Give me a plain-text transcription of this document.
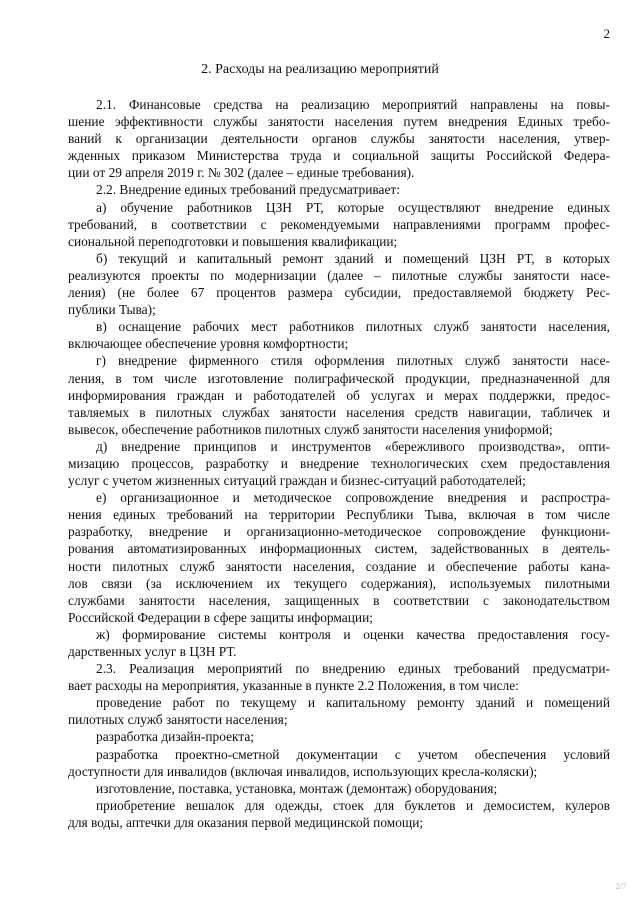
2
2. Расходы на реализацию мероприятий
2.1. Финансовые средства на реализацию мероприятий направлены на повы-
шение эффективности службы занятости населения путем внедрения Единых требо-
ваний к организации деятельности органов службы занятости населения, утвер-
жденных приказом Министерства труда и социальной защиты Российской Федера-
ции от 29 апреля 2019 г. № 302 (далее – единые требования).
2.2. Внедрение единых требований предусматривает:
а) обучение работников ЦЗН РТ, которые осуществляют внедрение единых
требований, в соответствии с рекомендуемыми направлениями программ профес-
сиональной переподготовки и повышения квалификации;
б) текущий и капитальный ремонт зданий и помещений ЦЗН РТ, в которых
реализуются проекты по модернизации (далее – пилотные службы занятости насе-
ления) (не более 67 процентов размера субсидии, предоставляемой бюджету Рес-
публики Тыва);
в) оснащение рабочих мест работников пилотных служб занятости населения,
включающее обеспечение уровня комфортности;
г) внедрение фирменного стиля оформления пилотных служб занятости насе-
ления, в том числе изготовление полиграфической продукции, предназначенной для
информирования граждан и работодателей об услугах и мерах поддержки, предос-
тавляемых в пилотных службах занятости населения средств навигации, табличек и
вывесок, обеспечение работников пилотных служб занятости населения униформой;
д) внедрение принципов и инструментов «бережливого производства», опти-
мизацию процессов, разработку и внедрение технологических схем предоставления
услуг с учетом жизненных ситуаций граждан и бизнес-ситуаций работодателей;
е) организационное и методическое сопровождение внедрения и распростра-
нения единых требований на территории Республики Тыва, включая в том числе
разработку, внедрение и организационно-методическое сопровождение функциони-
рования автоматизированных информационных систем, задействованных в деятель-
ности пилотных служб занятости населения, создание и обеспечение работы кана-
лов связи (за исключением их текущего содержания), используемых пилотными
службами занятости населения, защищенных в соответствии с законодательством
Российской Федерации в сфере защиты информации;
ж) формирование системы контроля и оценки качества предоставления госу-
дарственных услуг в ЦЗН РТ.
2.3. Реализация мероприятий по внедрению единых требований предусматри-
вает расходы на мероприятия, указанные в пункте 2.2 Положения, в том числе:
проведение работ по текущему и капитальному ремонту зданий и помещений
пилотных служб занятости населения;
разработка дизайн-проекта;
разработка проектно-сметной документации с учетом обеспечения условий
доступности для инвалидов (включая инвалидов, использующих кресла-коляски);
изготовление, поставка, установка, монтаж (демонтаж) оборудования;
приобретение вешалок для одежды, стоек для буклетов и демосистем, кулеров
для воды, аптечки для оказания первой медицинской помощи;
2/7
